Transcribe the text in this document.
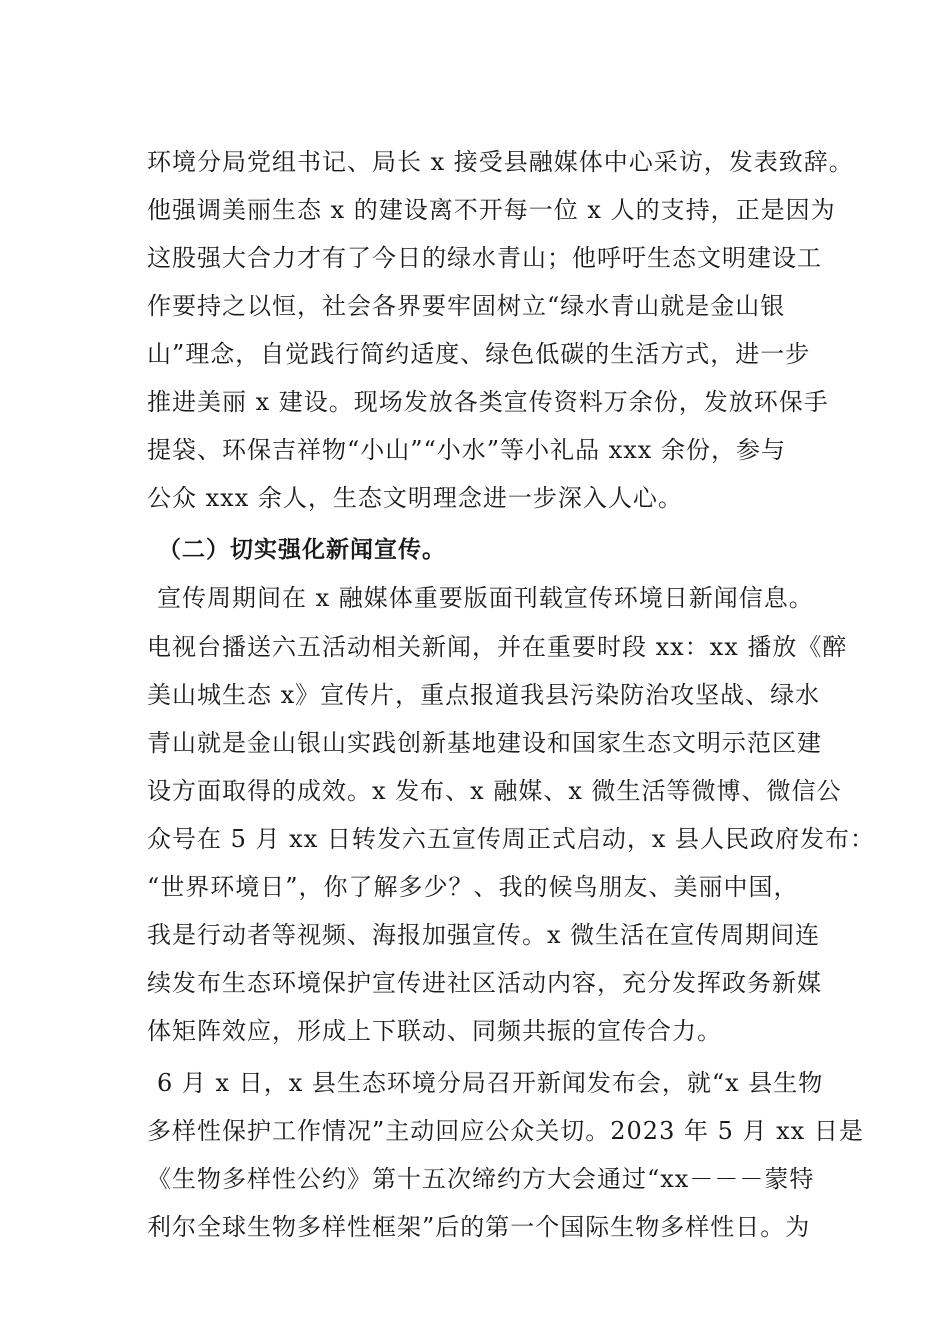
环境分局党组书记、局长 x 接受县融媒体中心采访，发表致辞。
他强调美丽生态 x 的建设离不开每一位 x 人的支持，正是因为
这股强大合力才有了今日的绿水青山；他呼吁生态文明建设工
作要持之以恒，社会各界要牢固树立“绿水青山就是金山银
山”理念，自觉践行简约适度、绿色低碳的生活方式，进一步
推进美丽 x 建设。现场发放各类宣传资料万余份，发放环保手
提袋、环保吉祥物“小山”“小水”等小礼品 xxx 余份，参与
公众 xxx 余人，生态文明理念进一步深入人心。
（二）切实强化新闻宣传。
宣传周期间在 x 融媒体重要版面刊载宣传环境日新闻信息。
电视台播送六五活动相关新闻，并在重要时段 xx：xx 播放《醉
美山城生态 x》宣传片，重点报道我县污染防治攻坚战、绿水
青山就是金山银山实践创新基地建设和国家生态文明示范区建
设方面取得的成效。x 发布、x 融媒、x 微生活等微博、微信公
众号在 5 月 xx 日转发六五宣传周正式启动，x 县人民政府发布：
“世界环境日”，你了解多少？、我的候鸟朋友、美丽中国，
我是行动者等视频、海报加强宣传。x 微生活在宣传周期间连
续发布生态环境保护宣传进社区活动内容，充分发挥政务新媒
体矩阵效应，形成上下联动、同频共振的宣传合力。
6 月 x 日，x 县生态环境分局召开新闻发布会，就“x 县生物
多样性保护工作情况”主动回应公众关切。2023 年 5 月 xx 日是
《生物多样性公约》第十五次缔约方大会通过“xx－－－蒙特
利尔全球生物多样性框架”后的第一个国际生物多样性日。为
